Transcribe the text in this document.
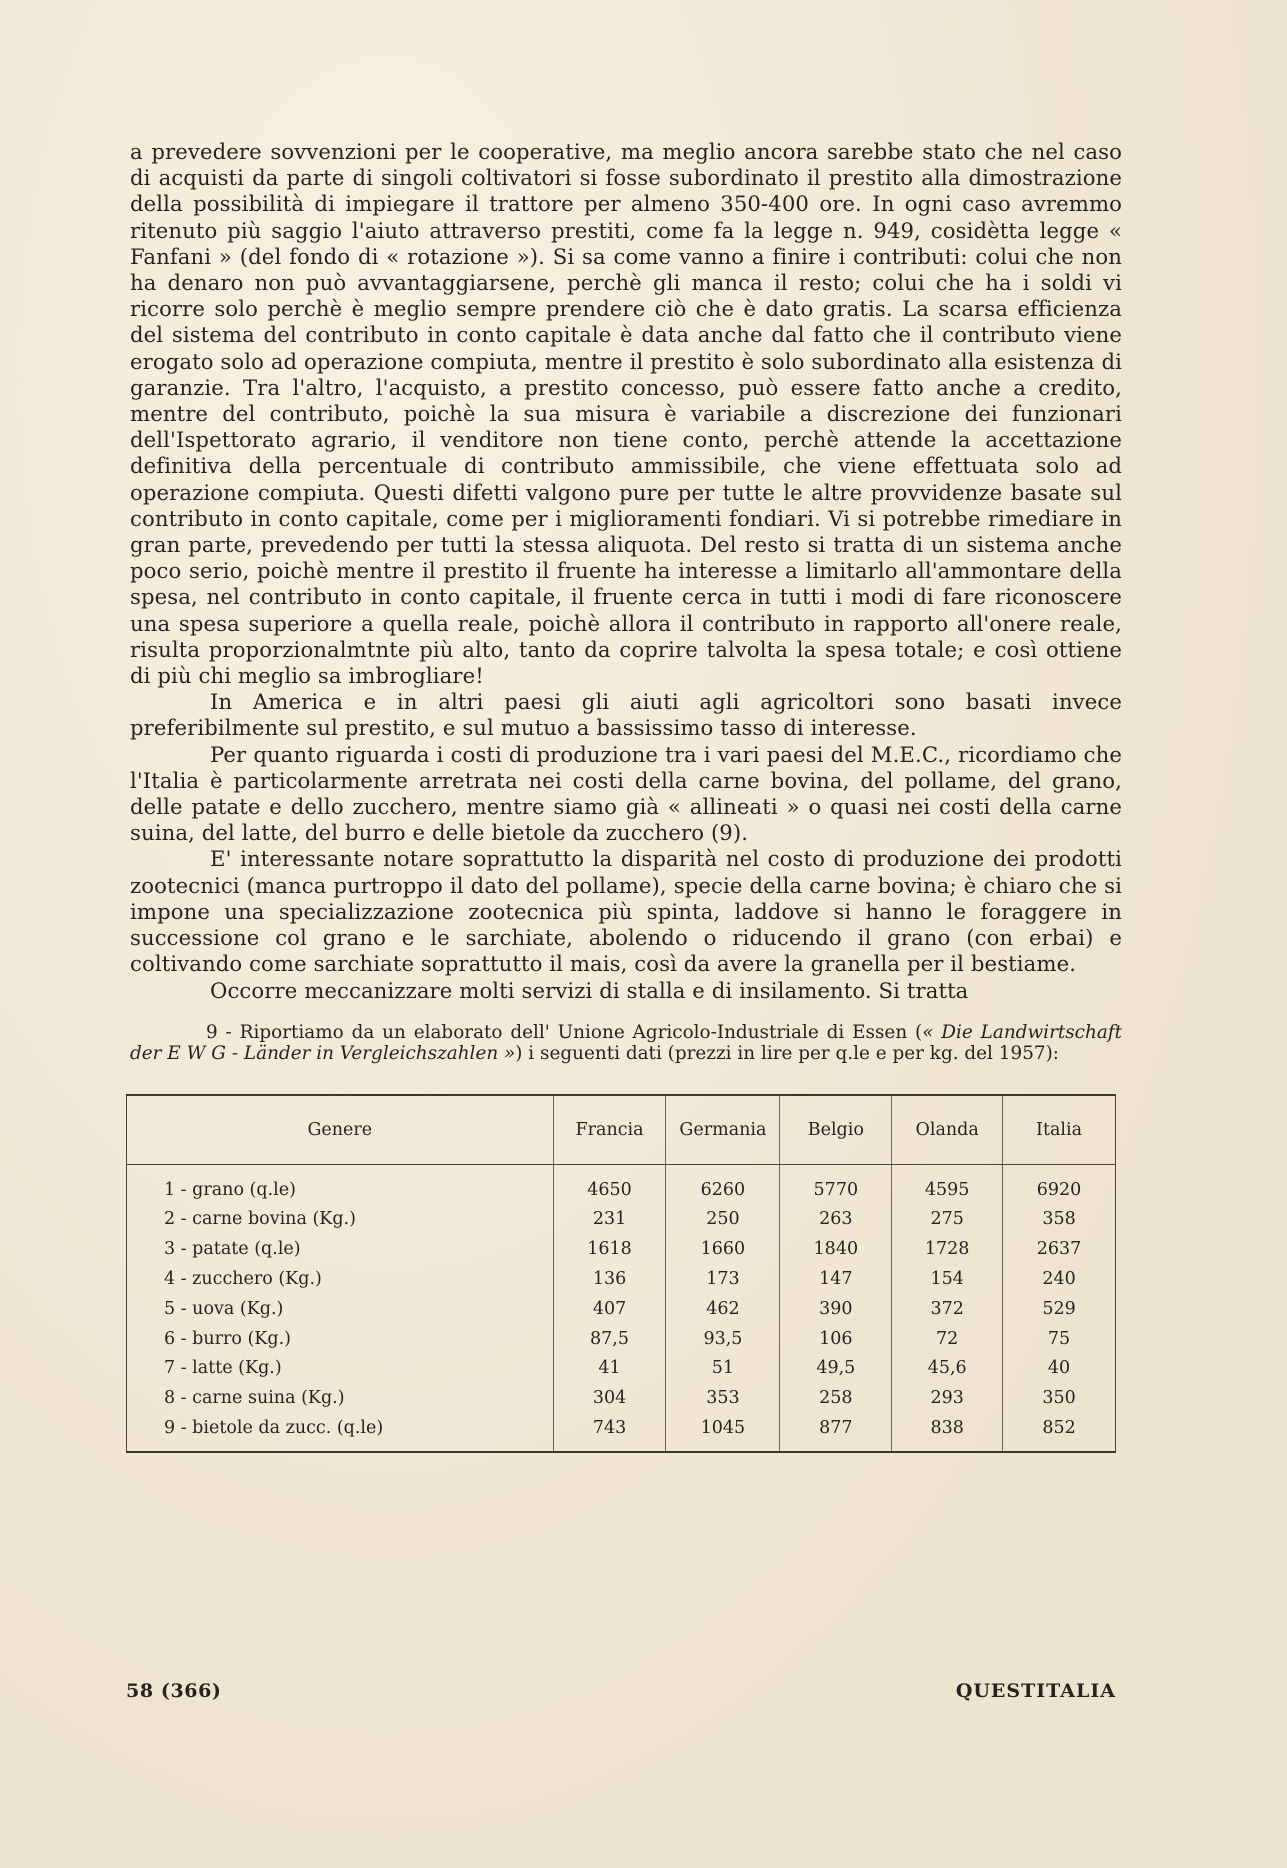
a prevedere sovvenzioni per le cooperative, ma meglio ancora sarebbe stato che nel caso di acquisti da parte di singoli coltivatori si fosse subordinato il prestito alla dimostrazione della possibilità di impiegare il trattore per almeno 350-400 ore. In ogni caso avremmo ritenuto più saggio l'aiuto attraverso prestiti, come fa la legge n. 949, cosidètta legge « Fanfani » (del fondo di « rotazione »). Si sa come vanno a finire i contributi: colui che non ha denaro non può avvantaggiarsene, perchè gli manca il resto; colui che ha i soldi vi ricorre solo perchè è meglio sempre prendere ciò che è dato gratis. La scarsa efficienza del sistema del contributo in conto capitale è data anche dal fatto che il contributo viene erogato solo ad operazione compiuta, mentre il prestito è solo subordinato alla esistenza di garanzie. Tra l'altro, l'acquisto, a prestito concesso, può essere fatto anche a credito, mentre del contributo, poichè la sua misura è variabile a discrezione dei funzionari dell'Ispettorato agrario, il venditore non tiene conto, perchè attende la accettazione definitiva della percentuale di contributo ammissibile, che viene effettuata solo ad operazione compiuta. Questi difetti valgono pure per tutte le altre provvidenze basate sul contributo in conto capitale, come per i miglioramenti fondiari. Vi si potrebbe rimediare in gran parte, prevedendo per tutti la stessa aliquota. Del resto si tratta di un sistema anche poco serio, poichè mentre il prestito il fruente ha interesse a limitarlo all'ammontare della spesa, nel contributo in conto capitale, il fruente cerca in tutti i modi di fare riconoscere una spesa superiore a quella reale, poichè allora il contributo in rapporto all'onere reale, risulta proporzionalmtnte più alto, tanto da coprire talvolta la spesa totale; e così ottiene di più chi meglio sa imbrogliare!

In America e in altri paesi gli aiuti agli agricoltori sono basati invece preferibilmente sul prestito, e sul mutuo a bassissimo tasso di interesse.

Per quanto riguarda i costi di produzione tra i vari paesi del M.E.C., ricordiamo che l'Italia è particolarmente arretrata nei costi della carne bovina, del pollame, del grano, delle patate e dello zucchero, mentre siamo già « allineati » o quasi nei costi della carne suina, del latte, del burro e delle bietole da zucchero (9).

E' interessante notare soprattutto la disparità nel costo di produzione dei prodotti zootecnici (manca purtroppo il dato del pollame), specie della carne bovina; è chiaro che si impone una specializzazione zootecnica più spinta, laddove si hanno le foraggere in successione col grano e le sarchiate, abolendo o riducendo il grano (con erbai) e coltivando come sarchiate soprattutto il mais, così da avere la granella per il bestiame.

Occorre meccanizzare molti servizi di stalla e di insilamento. Si tratta

9 - Riportiamo da un elaborato dell' Unione Agricolo-Industriale di Essen (« Die Landwirtschaft der E W G - Länder in Vergleichszahlen ») i seguenti dati (prezzi in lire per q.le e per kg. del 1957):
Genere	Francia	Germania	Belgio	Olanda	Italia
1 - grano (q.le)	4650	6260	5770	4595	6920
2 - carne bovina (Kg.)	231	250	263	275	358
3 - patate (q.le)	1618	1660	1840	1728	2637
4 - zucchero (Kg.)	136	173	147	154	240
5 - uova (Kg.)	407	462	390	372	529
6 - burro (Kg.)	87,5	93,5	106	72	75
7 - latte (Kg.)	41	51	49,5	45,6	40
8 - carne suina (Kg.)	304	353	258	293	350
9 - bietole da zucc. (q.le)	743	1045	877	838	852
58 (366)	QUESTITALIA
